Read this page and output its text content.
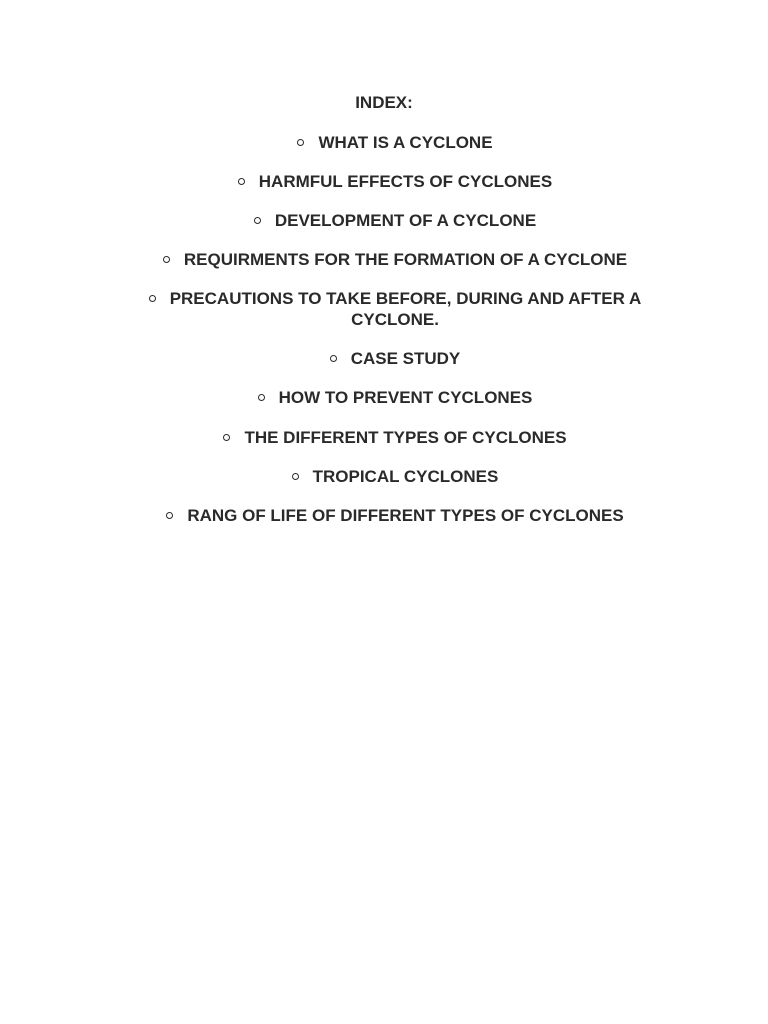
INDEX:
WHAT IS A CYCLONE
HARMFUL EFFECTS OF CYCLONES
DEVELOPMENT OF A CYCLONE
REQUIRMENTS FOR THE FORMATION OF A CYCLONE
PRECAUTIONS TO TAKE BEFORE, DURING AND AFTER A CYCLONE.
CASE STUDY
HOW TO PREVENT CYCLONES
THE DIFFERENT TYPES OF CYCLONES
TROPICAL CYCLONES
RANG OF LIFE OF DIFFERENT TYPES OF CYCLONES
